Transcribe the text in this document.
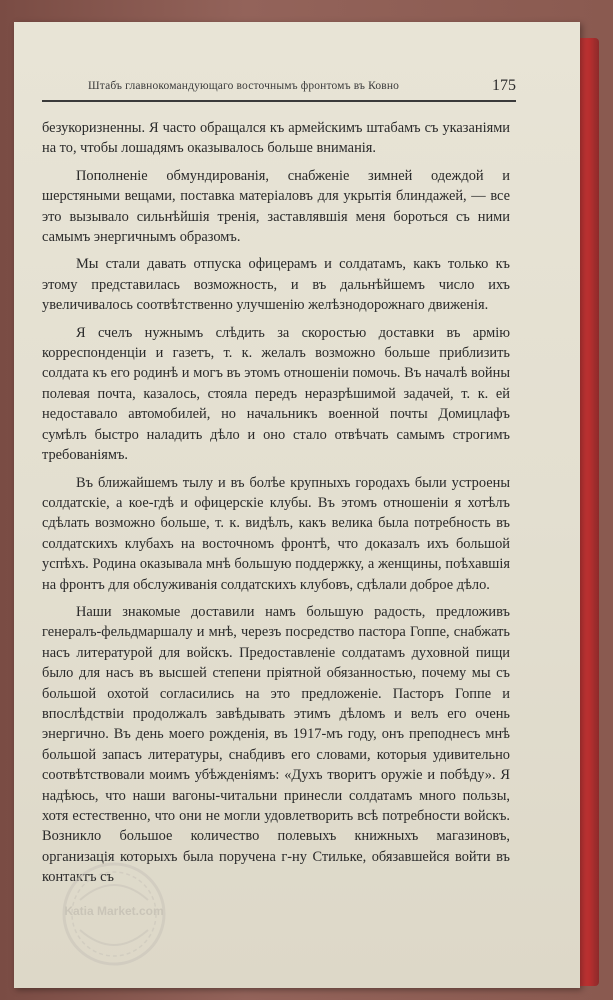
Штабъ главнокомандующаго восточнымъ фронтомъ въ Ковно	175

безукоризненны. Я часто обращался къ армейскимъ штабамъ съ указаніями на то, чтобы лошадямъ оказывалось больше вниманія.

Пополненіе обмундированія, снабженіе зимней одеждой и шерстяными вещами, поставка матеріаловъ для укрытія блиндажей, — все это вызывало сильнѣйшія тренія, заставлявшія меня бороться съ ними самымъ энергичнымъ образомъ.

Мы стали давать отпуска офицерамъ и солдатамъ, какъ только къ этому представилась возможность, и въ дальнѣйшемъ число ихъ увеличивалось соотвѣтственно улучшенію желѣзнодорожнаго движенія.

Я счелъ нужнымъ слѣдить за скоростью доставки въ армію корреспонденціи и газетъ, т. к. желалъ возможно больше приблизить солдата къ его родинѣ и могъ въ этомъ отношеніи помочь. Въ началѣ войны полевая почта, казалось, стояла передъ неразрѣшимой задачей, т. к. ей недоставало автомобилей, но начальникъ военной почты Домицлафъ сумѣлъ быстро наладить дѣло и оно стало отвѣчать самымъ строгимъ требованіямъ.

Въ ближайшемъ тылу и въ болѣе крупныхъ городахъ были устроены солдатскіе, а кое-гдѣ и офицерскіе клубы. Въ этомъ отношеніи я хотѣлъ сдѣлать возможно больше, т. к. видѣлъ, какъ велика была потребность въ солдатскихъ клубахъ на восточномъ фронтѣ, что доказалъ ихъ большой успѣхъ. Родина оказывала мнѣ большую поддержку, а женщины, поѣхавшія на фронтъ для обслуживанія солдатскихъ клубовъ, сдѣлали доброе дѣло.

Наши знакомые доставили намъ большую радость, предложивъ генералъ-фельдмаршалу и мнѣ, черезъ посредство пастора Гоппе, снабжать насъ литературой для войскъ. Предоставленіе солдатамъ духовной пищи было для насъ въ высшей степени пріятной обязанностью, почему мы съ большой охотой согласились на это предложеніе. Пасторъ Гоппе и впослѣдствіи продолжалъ завѣдывать этимъ дѣломъ и велъ его очень энергично. Въ день моего рожденія, въ 1917-мъ году, онъ преподнесъ мнѣ большой запасъ литературы, снабдивъ его словами, которыя удивительно соотвѣтствовали моимъ убѣжденіямъ: «Духъ творитъ оружіе и побѣду». Я надѣюсь, что наши вагоны-читальни принесли солдатамъ много пользы, хотя естественно, что они не могли удовлетворить всѣ потребности войскъ. Возникло большое количество полевыхъ книжныхъ магазиновъ, организація которыхъ была поручена г-ну Стильке, обязавшейся войти въ контактъ съ

Katia Market.com
